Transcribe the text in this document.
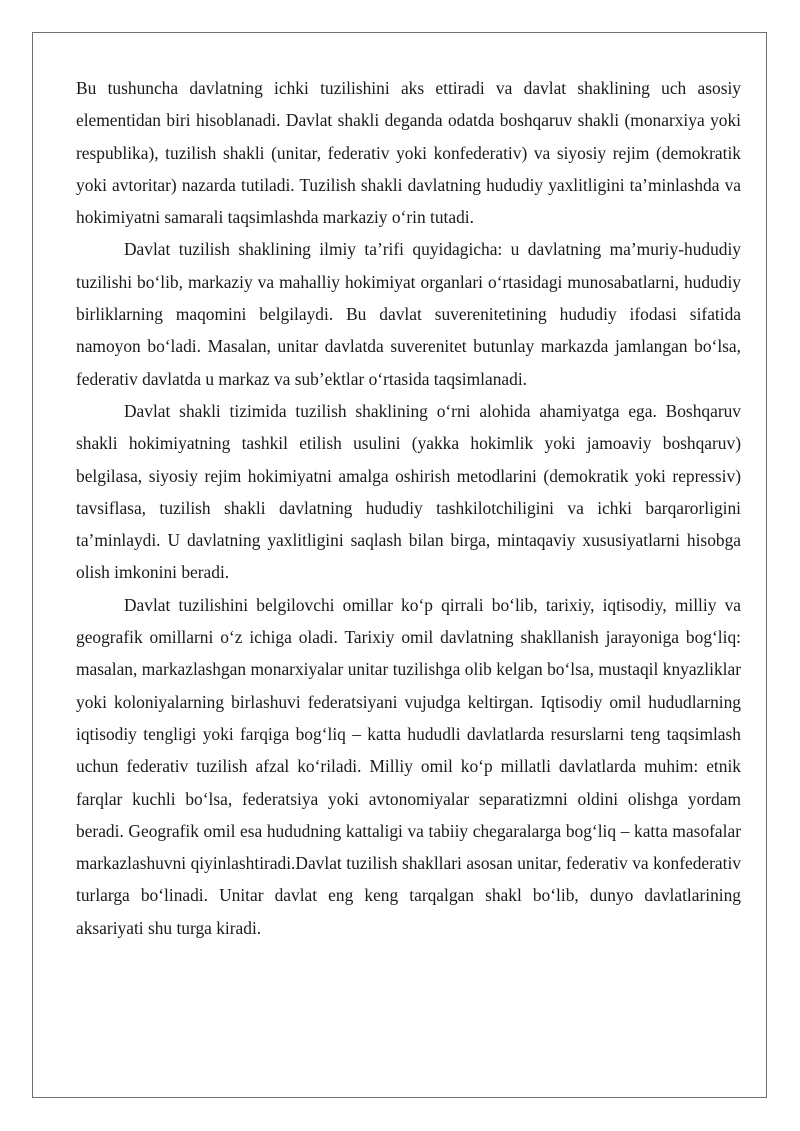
Bu tushuncha davlatning ichki tuzilishini aks ettiradi va davlat shaklining uch asosiy elementidan biri hisoblanadi. Davlat shakli deganda odatda boshqaruv shakli (monarxiya yoki respublika), tuzilish shakli (unitar, federativ yoki konfederativ) va siyosiy rejim (demokratik yoki avtoritar) nazarda tutiladi. Tuzilish shakli davlatning hududiy yaxlitligini ta’minlashda va hokimiyatni samarali taqsimlashda markaziy o‘rin tutadi.

Davlat tuzilish shaklining ilmiy ta’rifi quyidagicha: u davlatning ma’muriy-hududiy tuzilishi bo‘lib, markaziy va mahalliy hokimiyat organlari o‘rtasidagi munosabatlarni, hududiy birliklarning maqomini belgilaydi. Bu davlat suverenitetining hududiy ifodasi sifatida namoyon bo‘ladi. Masalan, unitar davlatda suverenitet butunlay markazda jamlangan bo‘lsa, federativ davlatda u markaz va sub’ektlar o‘rtasida taqsimlanadi.

Davlat shakli tizimida tuzilish shaklining o‘rni alohida ahamiyatga ega. Boshqaruv shakli hokimiyatning tashkil etilish usulini (yakka hokimlik yoki jamoaviy boshqaruv) belgilasa, siyosiy rejim hokimiyatni amalga oshirish metodlarini (demokratik yoki repressiv) tavsiflasa, tuzilish shakli davlatning hududiy tashkilotchiligini va ichki barqarorligini ta’minlaydi. U davlatning yaxlitligini saqlash bilan birga, mintaqaviy xususiyatlarni hisobga olish imkonini beradi.

Davlat tuzilishini belgilovchi omillar ko‘p qirrali bo‘lib, tarixiy, iqtisodiy, milliy va geografik omillarni o‘z ichiga oladi. Tarixiy omil davlatning shakllanish jarayoniga bog‘liq: masalan, markazlashgan monarxiyalar unitar tuzilishga olib kelgan bo‘lsa, mustaqil knyazliklar yoki koloniyalarning birlashuvi federatsiyani vujudga keltirgan. Iqtisodiy omil hududlarning iqtisodiy tengligi yoki farqiga bog‘liq – katta hududli davlatlarda resurslarni teng taqsimlash uchun federativ tuzilish afzal ko‘riladi. Milliy omil ko‘p millatli davlatlarda muhim: etnik farqlar kuchli bo‘lsa, federatsiya yoki avtonomiyalar separatizmni oldini olishga yordam beradi. Geografik omil esa hududning kattaligi va tabiiy chegaralarga bog‘liq – katta masofalar markazlashuvni qiyinlashtiradi.Davlat tuzilish shakllari asosan unitar, federativ va konfederativ turlarga bo‘linadi. Unitar davlat eng keng tarqalgan shakl bo‘lib, dunyo davlatlarining aksariyati shu turga kiradi.
